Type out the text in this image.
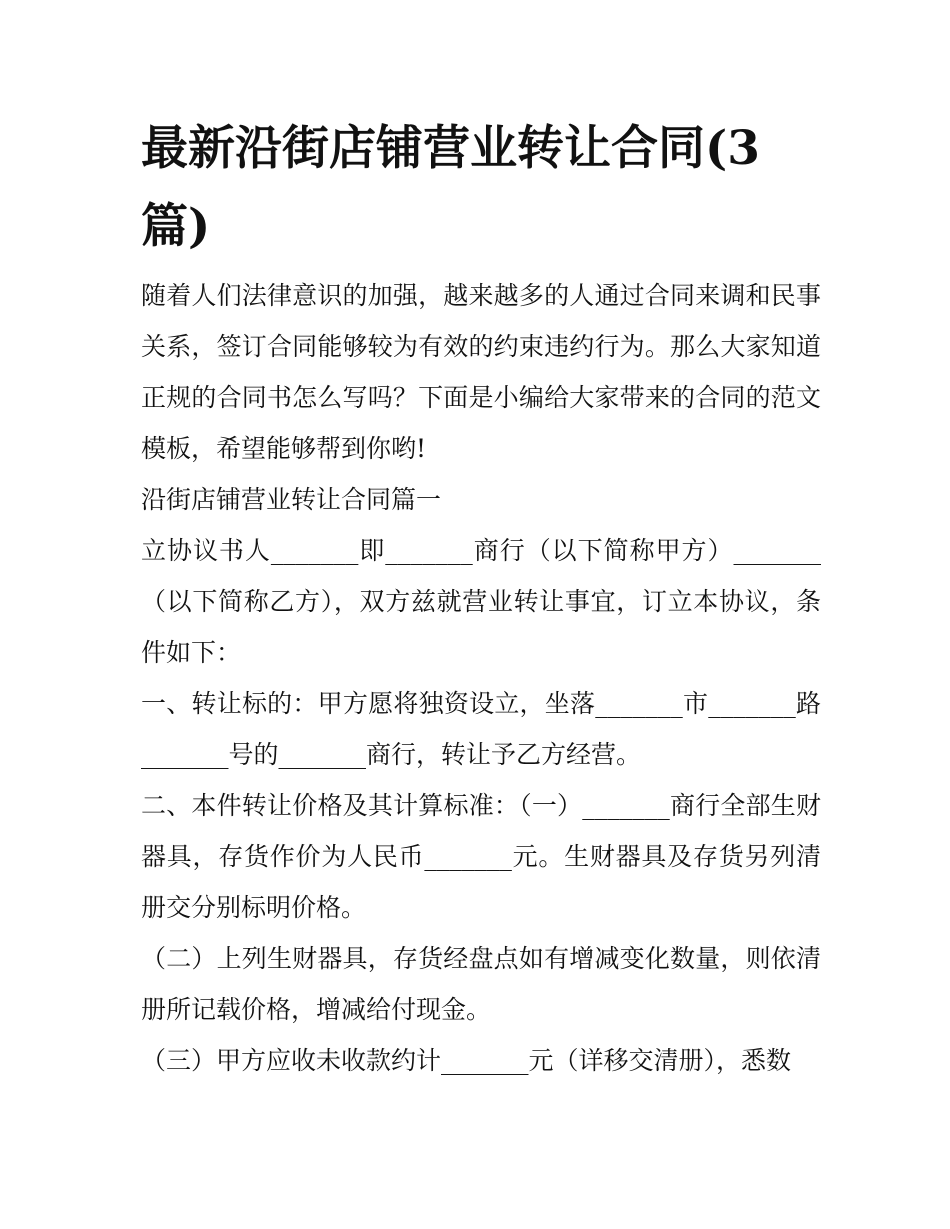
最新沿街店铺营业转让合同(3篇)

随着人们法律意识的加强，越来越多的人通过合同来调和民事关系，签订合同能够较为有效的约束违约行为。那么大家知道正规的合同书怎么写吗？下面是小编给大家带来的合同的范文模板，希望能够帮到你哟!

沿街店铺营业转让合同篇一

立协议书人_______即_______商行（以下简称甲方）_______（以下简称乙方），双方兹就营业转让事宜，订立本协议，条件如下：

一、转让标的：甲方愿将独资设立，坐落_______市_______路_______号的_______商行，转让予乙方经营。

二、本件转让价格及其计算标准：（一）_______商行全部生财器具，存货作价为人民币_______元。生财器具及存货另列清册交分别标明价格。

（二）上列生财器具，存货经盘点如有增减变化数量，则依清册所记载价格，增减给付现金。

（三）甲方应收未收款约计_______元（详移交清册），悉数
